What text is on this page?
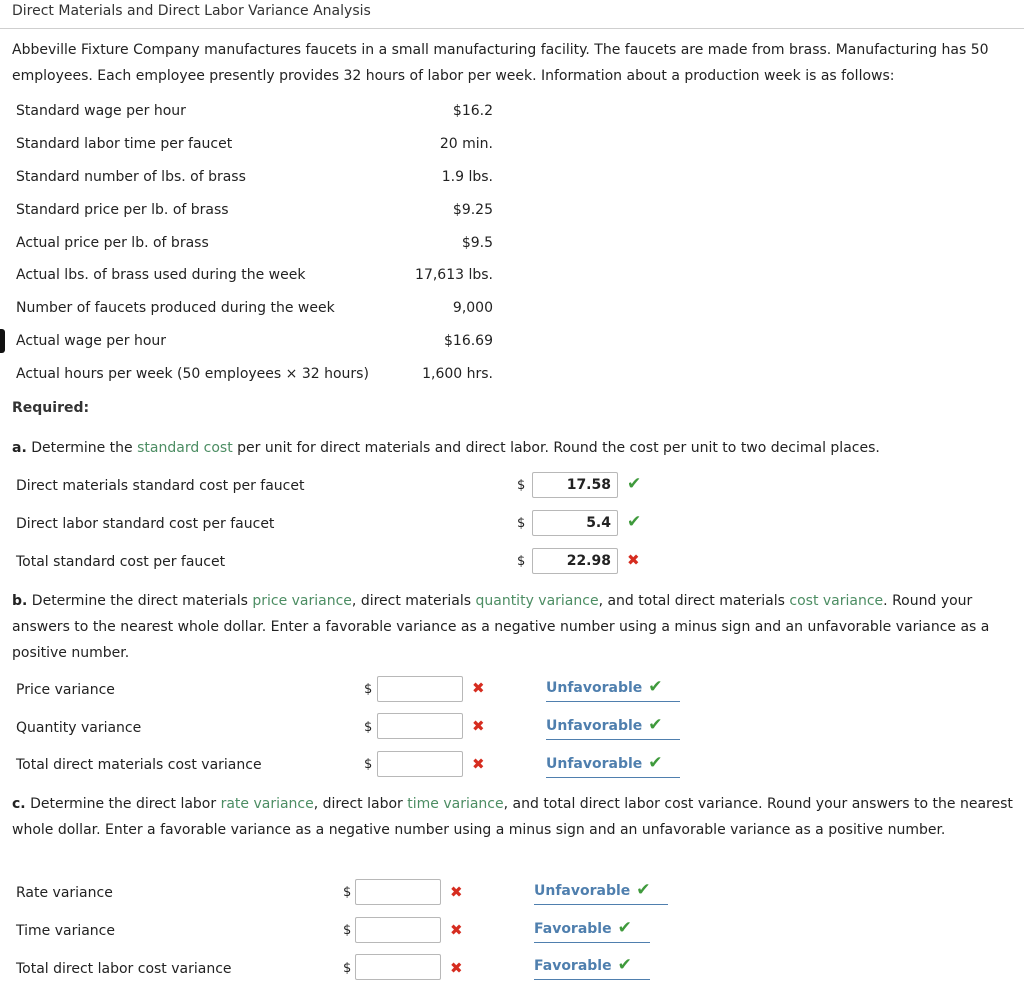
Direct Materials and Direct Labor Variance Analysis
Abbeville Fixture Company manufactures faucets in a small manufacturing facility. The faucets are made from brass. Manufacturing has 50 employees. Each employee presently provides 32 hours of labor per week. Information about a production week is as follows:
Standard wage per hour	$16.2
Standard labor time per faucet	20 min.
Standard number of lbs. of brass	1.9 lbs.
Standard price per lb. of brass	$9.25
Actual price per lb. of brass	$9.5
Actual lbs. of brass used during the week	17,613 lbs.
Number of faucets produced during the week	9,000
Actual wage per hour	$16.69
Actual hours per week (50 employees × 32 hours)	1,600 hrs.
Required:
a. Determine the standard cost per unit for direct materials and direct labor. Round the cost per unit to two decimal places.
Direct materials standard cost per faucet	$	17.58 ✔
Direct labor standard cost per faucet	$	5.4 ✔
Total standard cost per faucet	$	22.98	✖
b. Determine the direct materials price variance, direct materials quantity variance, and total direct materials cost variance. Round your answers to the nearest whole dollar. Enter a favorable variance as a negative number using a minus sign and an unfavorable variance as a positive number.
Price variance	$	✖	Unfavorable ✔
Quantity variance	$	✖	Unfavorable ✔
Total direct materials cost variance	$	✖	Unfavorable ✔
c. Determine the direct labor rate variance, direct labor time variance, and total direct labor cost variance. Round your answers to the nearest whole dollar. Enter a favorable variance as a negative number using a minus sign and an unfavorable variance as a positive number.
Rate variance	$	✖	Unfavorable ✔
Time variance	$	✖	Favorable ✔
Total direct labor cost variance	$	✖	Favorable ✔
